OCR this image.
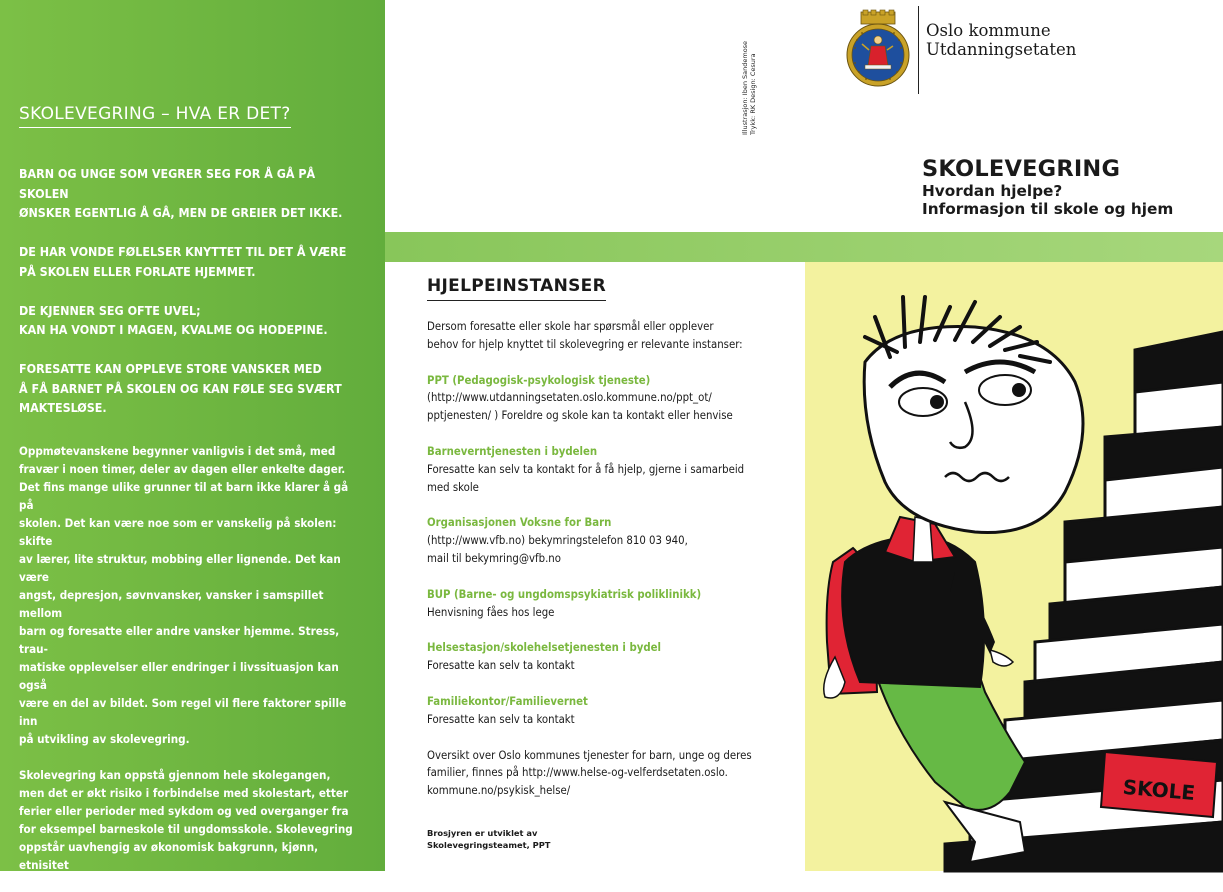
SKOLEVEGRING – HVA ER DET?

BARN OG UNGE SOM VEGRER SEG FOR Å GÅ PÅ SKOLEN
ØNSKER EGENTLIG Å GÅ, MEN DE GREIER DET IKKE.

DE HAR VONDE FØLELSER KNYTTET TIL DET Å VÆRE
PÅ SKOLEN ELLER FORLATE HJEMMET.

DE KJENNER SEG OFTE UVEL;
KAN HA VONDT I MAGEN, KVALME OG HODEPINE.

FORESATTE KAN OPPLEVE STORE VANSKER MED
Å FÅ BARNET PÅ SKOLEN OG KAN FØLE SEG SVÆRT
MAKTESLØSE.

Oppmøtevanskene begynner vanligvis i det små, med
fravær i noen timer, deler av dagen eller enkelte dager.
Det fins mange ulike grunner til at barn ikke klarer å gå på
skolen. Det kan være noe som er vanskelig på skolen: skifte
av lærer, lite struktur, mobbing eller lignende. Det kan være
angst, depresjon, søvnvansker, vansker i samspillet mellom
barn og foresatte eller andre vansker hjemme. Stress, trau-
matiske opplevelser eller endringer i livssituasjon kan også
være en del av bildet. Som regel vil flere faktorer spille inn
på utvikling av skolevegring.

Skolevegring kan oppstå gjennom hele skolegangen,
men det er økt risiko i forbindelse med skolestart, etter
ferier eller perioder med sykdom og ved overganger fra
for eksempel barneskole til ungdomsskole. Skolevegring
oppstår uavhengig av økonomisk bakgrunn, kjønn, etnisitet
og faglige prestasjoner.

Illustrasjon: Iben Sandemose
Trykk: RK Design: Cesura
Oslo kommune
Utdanningsetaten
SKOLEVEGRING
Hvordan hjelpe?
Informasjon til skole og hjem
HJELPEINSTANSER

Dersom foresatte eller skole har spørsmål eller opplever
behov for hjelp knyttet til skolevegring er relevante instanser:

PPT (Pedagogisk-psykologisk tjeneste)

(http://www.utdanningsetaten.oslo.kommune.no/ppt_ot/
pptjenesten/ ) Foreldre og skole kan ta kontakt eller henvise

Barneverntjenesten i bydelen

Foresatte kan selv ta kontakt for å få hjelp, gjerne i samarbeid
med skole

Organisasjonen Voksne for Barn

(http://www.vfb.no) bekymringstelefon 810 03 940,
mail til bekymring@vfb.no

BUP (Barne- og ungdomspsykiatrisk poliklinikk)

Henvisning fåes hos lege

Helsestasjon/skolehelsetjenesten i bydel

Foresatte kan selv ta kontakt

Familiekontor/Familievernet

Foresatte kan selv ta kontakt

Oversikt over Oslo kommunes tjenester for barn, unge og deres
familier, finnes på http://www.helse-og-velferdsetaten.oslo.
kommune.no/psykisk_helse/

Brosjyren er utviklet av
Skolevegringsteamet, PPT
SKOLE
